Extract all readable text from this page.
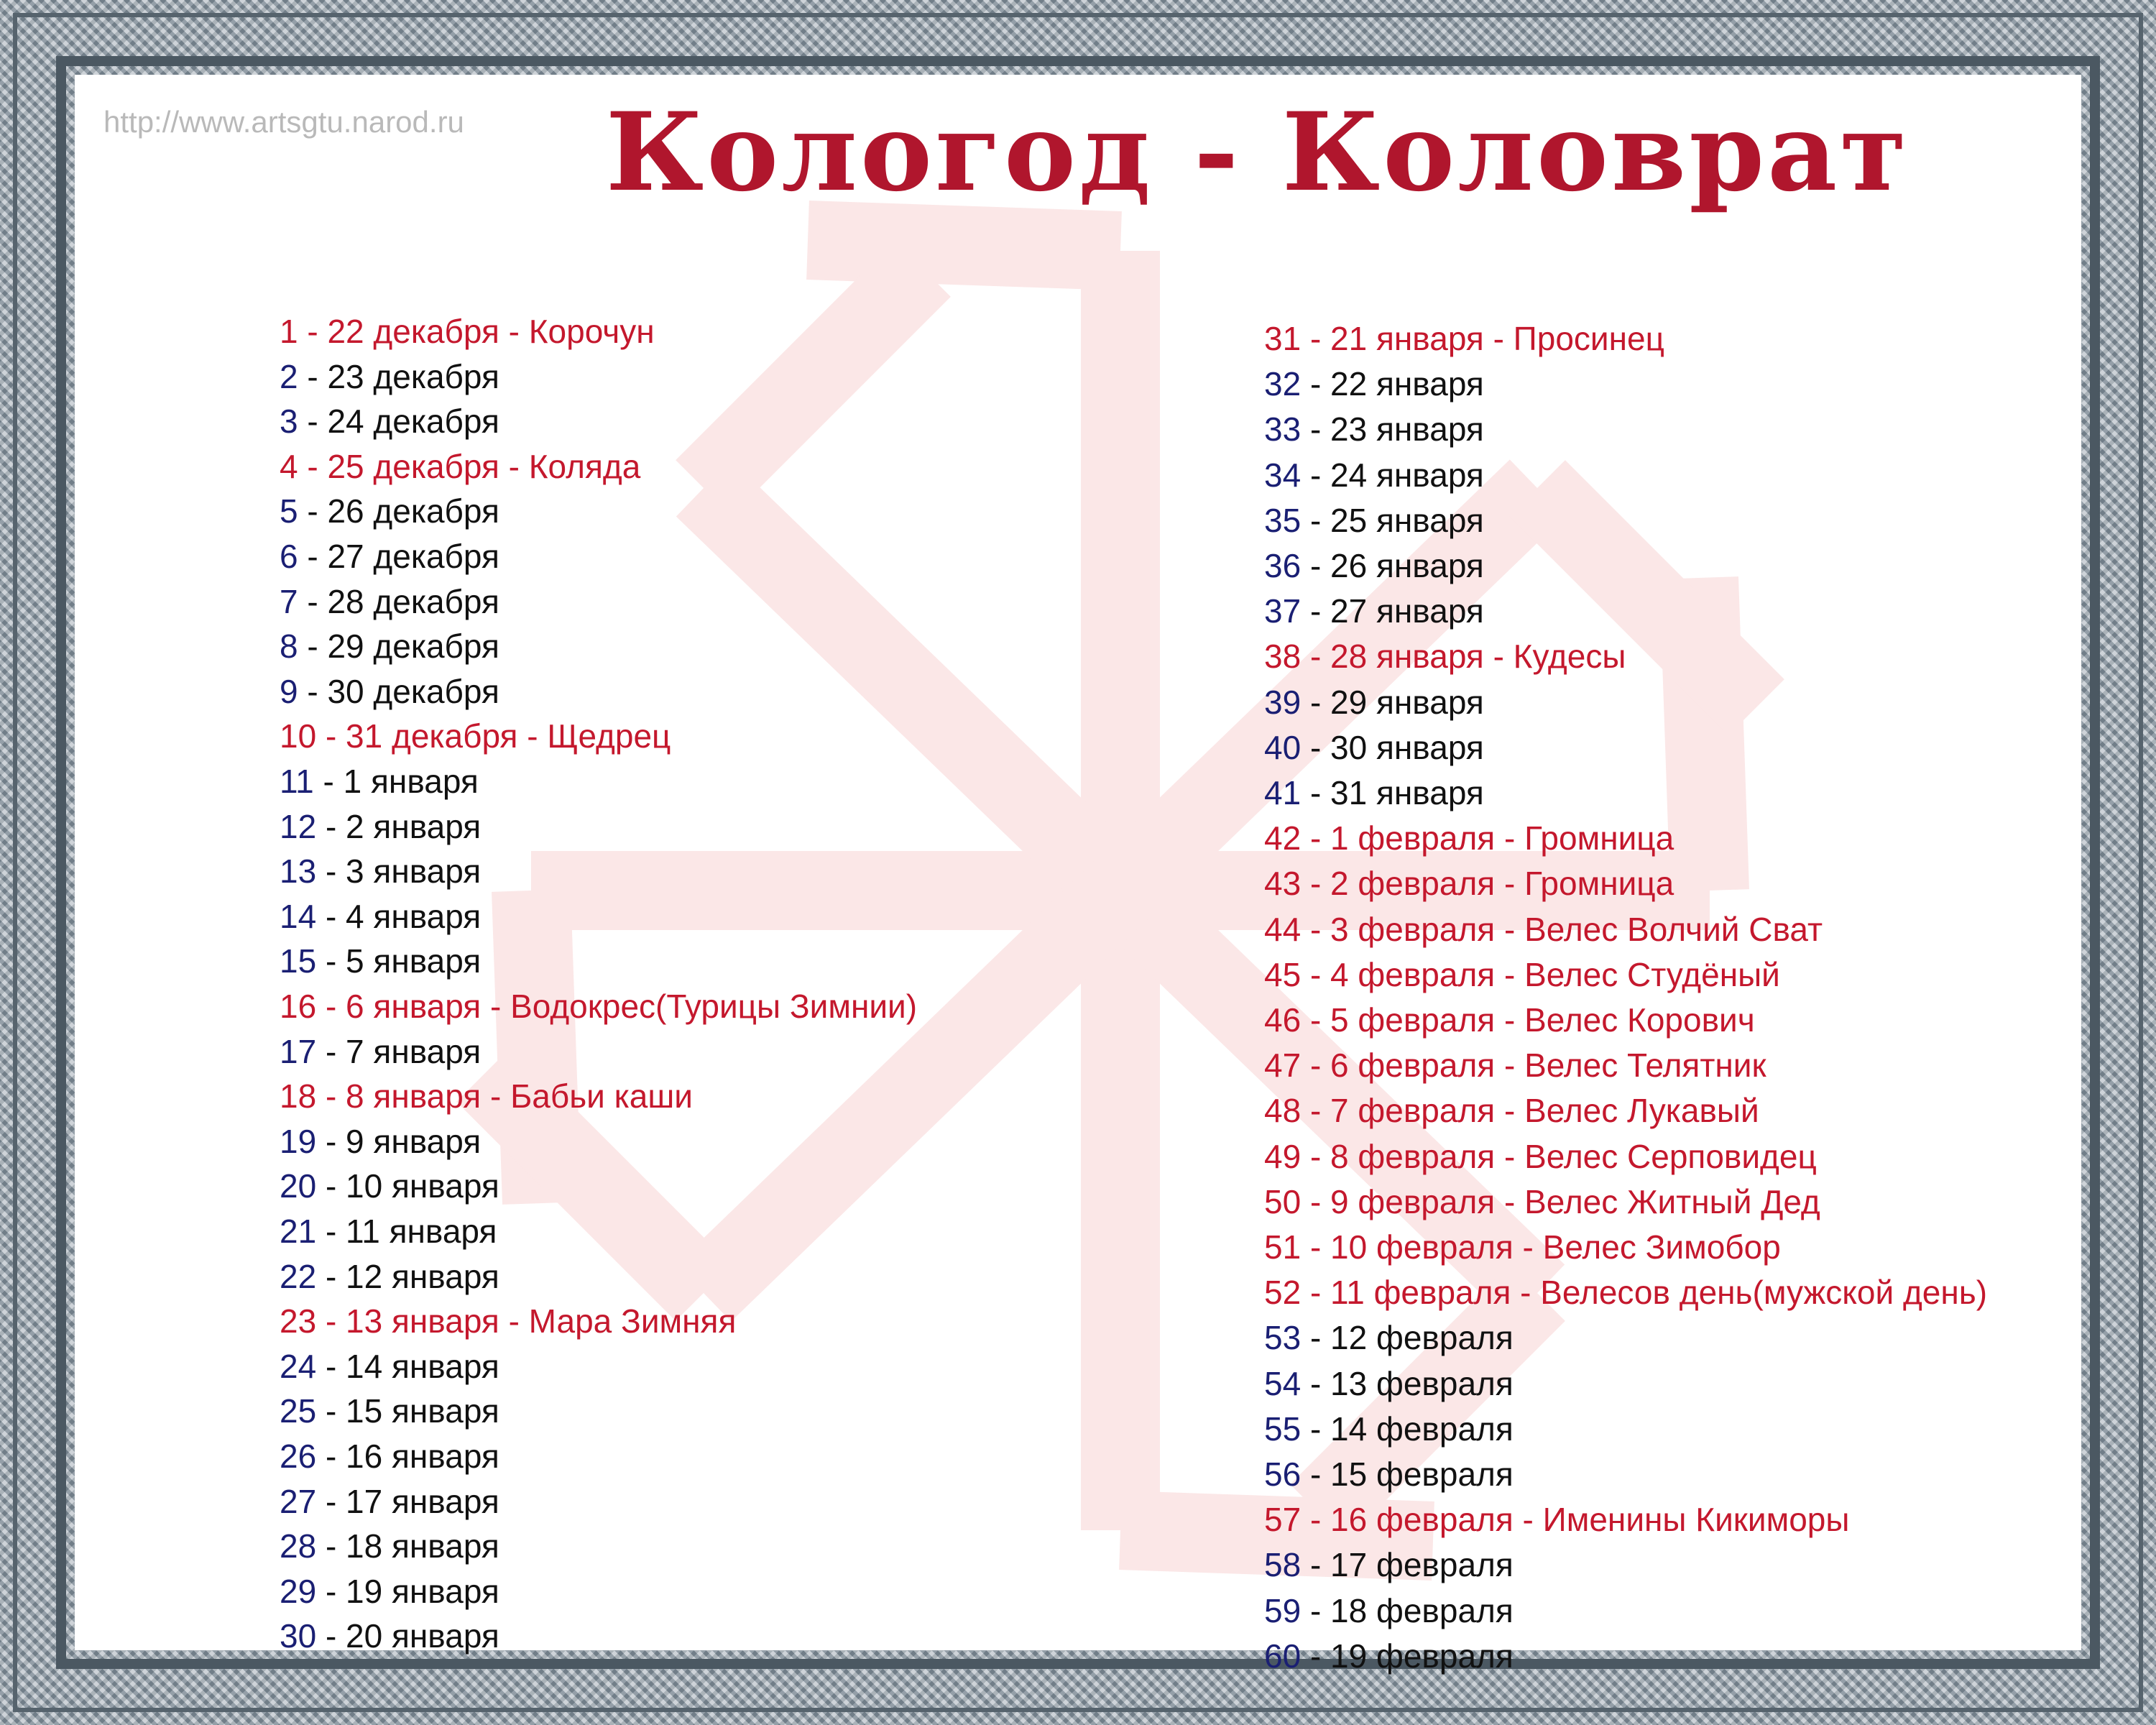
http://www.artsgtu.narod.ru	Кологод - Коловрат
1 - 22 декабря - Корочун
2 - 23 декабря
3 - 24 декабря
4 - 25 декабря - Коляда
5 - 26 декабря
6 - 27 декабря
7 - 28 декабря
8 - 29 декабря
9 - 30 декабря
10 - 31 декабря - Щедрец
11 - 1 января
12 - 2 января
13 - 3 января
14 - 4 января
15 - 5 января
16 - 6 января - Водокрес(Турицы Зимнии)
17 - 7 января
18 - 8 января - Бабьи каши
19 - 9 января
20 - 10 января
21 - 11 января
22 - 12 января
23 - 13 января - Мара Зимняя
24 - 14 января
25 - 15 января
26 - 16 января
27 - 17 января
28 - 18 января
29 - 19 января
30 - 20 января
31 - 21 января - Просинец
32 - 22 января
33 - 23 января
34 - 24 января
35 - 25 января
36 - 26 января
37 - 27 января
38 - 28 января - Кудесы
39 - 29 января
40 - 30 января
41 - 31 января
42 - 1 февраля - Громница
43 - 2 февраля - Громница
44 - 3 февраля - Велес Волчий Сват
45 - 4 февраля - Велес Студёный
46 - 5 февраля - Велес Корович
47 - 6 февраля - Велес Телятник
48 - 7 февраля - Велес Лукавый
49 - 8 февраля - Велес Серповидец
50 - 9 февраля - Велес Житный Дед
51 - 10 февраля - Велес Зимобор
52 - 11 февраля - Велесов день(мужской день)
53 - 12 февраля
54 - 13 февраля
55 - 14 февраля
56 - 15 февраля
57 - 16 февраля - Именины Кикиморы
58 - 17 февраля
59 - 18 февраля
60 - 19 февраля
